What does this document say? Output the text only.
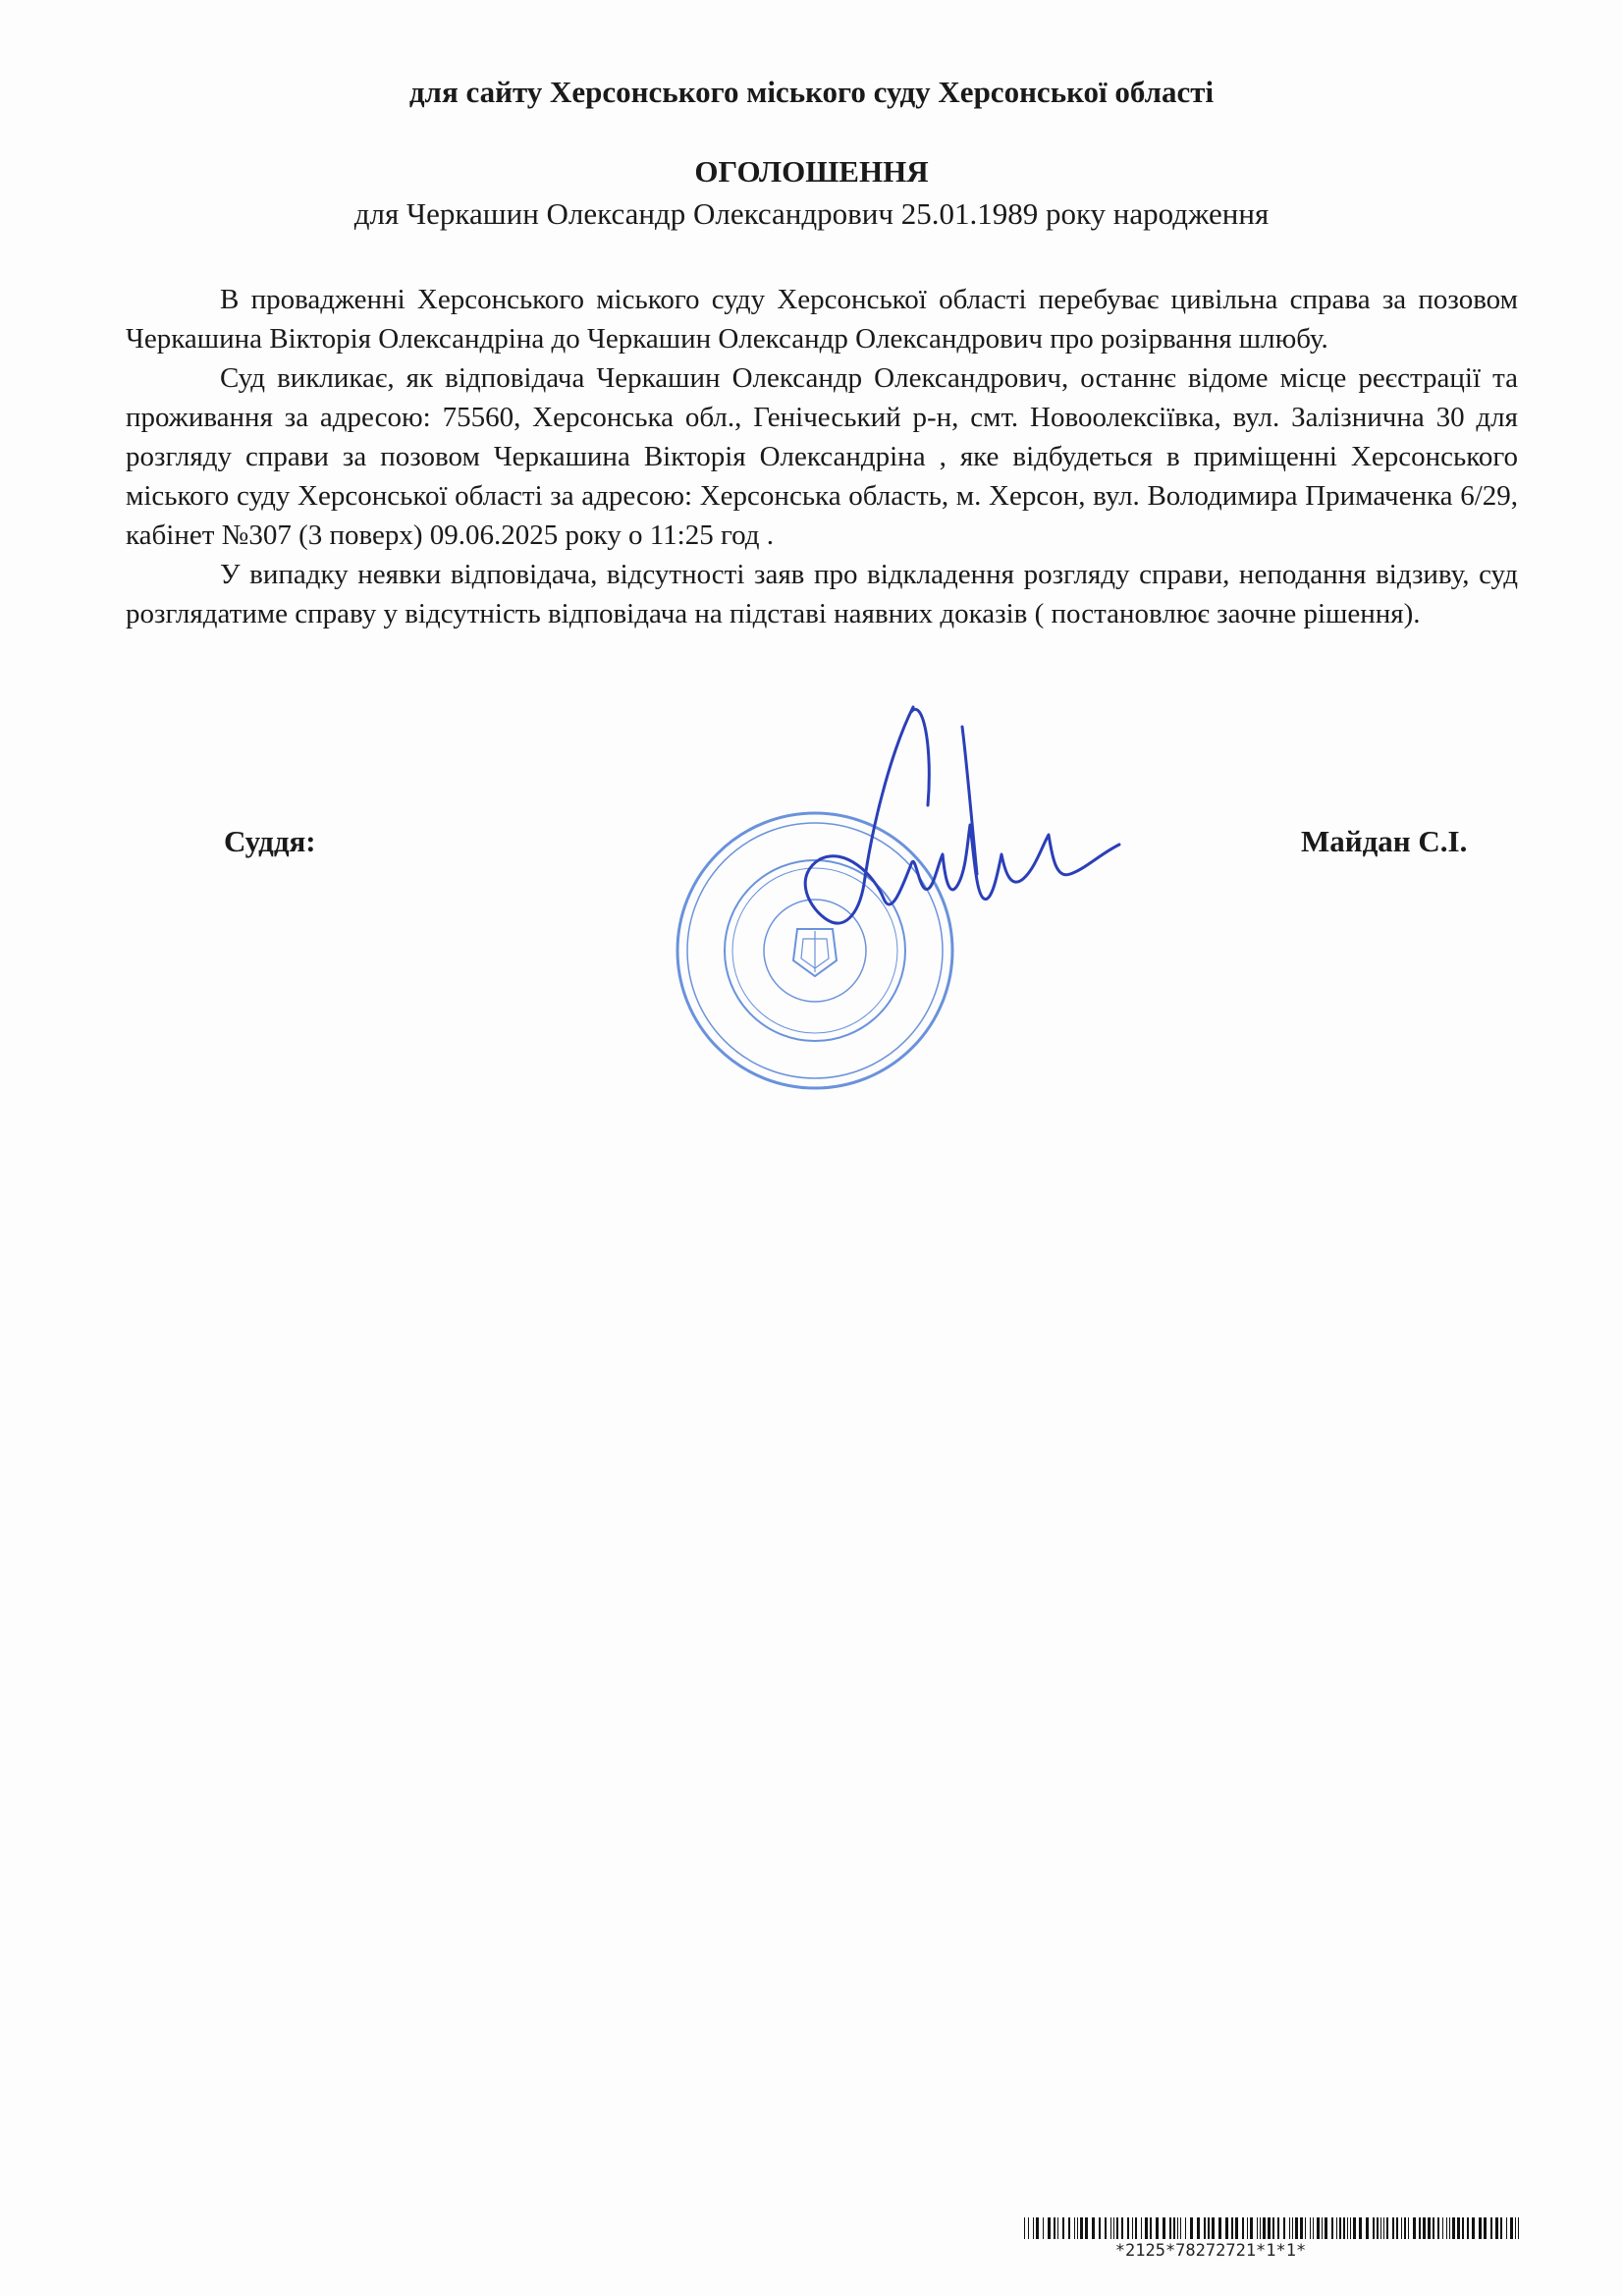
для сайту Херсонського міського суду Херсонської області
ОГОЛОШЕННЯ
для Черкашин Олександр Олександрович 25.01.1989 року народження

В провадженні Херсонського міського суду Херсонської області перебуває цивільна справа за позовом Черкашина Вікторія Олександріна до Черкашин Олександр Олександрович про розірвання шлюбу.

Суд викликає, як відповідача Черкашин Олександр Олександрович, останнє відоме місце реєстрації та проживання за адресою: 75560, Херсонська обл., Генічеський р-н, смт. Новоолексіївка, вул. Залізнична 30 для розгляду справи за позовом Черкашина Вікторія Олександріна , яке відбудеться в приміщенні Херсонського міського суду Херсонської області за адресою: Херсонська область, м. Херсон, вул. Володимира Примаченка 6/29, кабінет №307 (3 поверх) 09.06.2025 року о 11:25 год .

У випадку неявки відповідача, відсутності заяв про відкладення розгляду справи, неподання відзиву, суд розглядатиме справу у відсутність відповідача на підставі наявних доказів ( постановлює заочне рішення).

Суддя:	Майдан С.І.
*2125*78272721*1*1*
